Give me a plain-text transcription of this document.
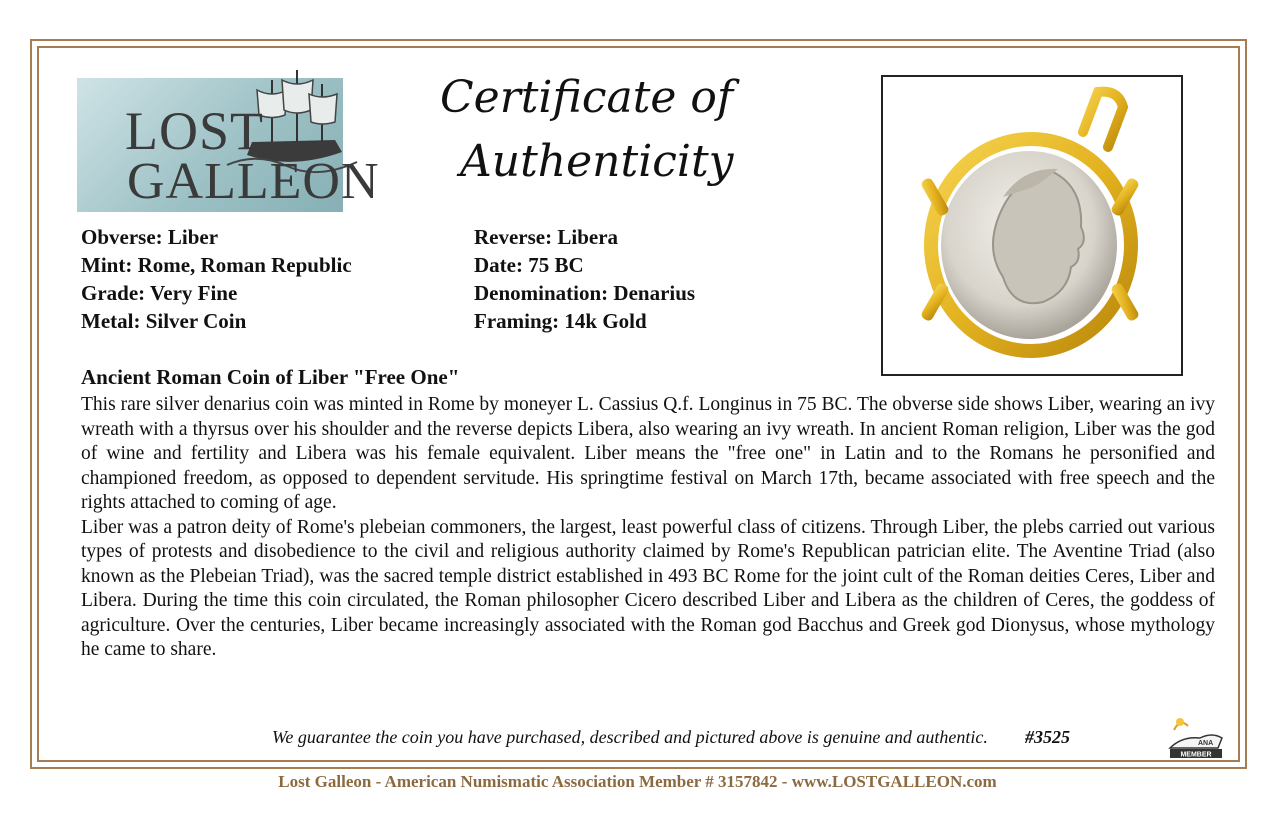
LOST
GALLEON
Certificate of
Authenticity
Obverse: Liber
Mint: Rome, Roman Republic
Grade: Very Fine
Metal: Silver Coin
Reverse: Libera
Date: 75 BC
Denomination: Denarius
Framing: 14k Gold
Ancient Roman Coin of Liber "Free One"

This rare silver denarius coin was minted in Rome by moneyer L. Cassius Q.f. Longinus in 75 BC. The obverse side shows Liber, wearing an ivy wreath with a thyrsus over his shoulder and the reverse depicts Libera, also wearing an ivy wreath. In ancient Roman religion, Liber was the god of wine and fertility and Libera was his female equivalent. Liber means the "free one" in Latin and to the Romans he personified and championed freedom, as opposed to dependent servitude. His springtime festival on March 17th, became associated with free speech and the rights attached to coming of age.

Liber was a patron deity of Rome's plebeian commoners, the largest, least powerful class of citizens. Through Liber, the plebs carried out various types of protests and disobedience to the civil and religious authority claimed by Rome's Republican patrician elite. The Aventine Triad (also known as the Plebeian Triad), was the sacred temple district established in 493 BC Rome for the joint cult of the Roman deities Ceres, Liber and Libera. During the time this coin circulated, the Roman philosopher Cicero described Liber and Libera as the children of Ceres, the goddess of agriculture. Over the centuries, Liber became increasingly associated with the Roman god Bacchus and Greek god Dionysus, whose mythology he came to share.

We guarantee the coin you have purchased, described and pictured above is genuine and authentic. #3525	ANA
MEMBER
Lost Galleon - American Numismatic Association Member # 3157842 - www.LOSTGALLEON.com
